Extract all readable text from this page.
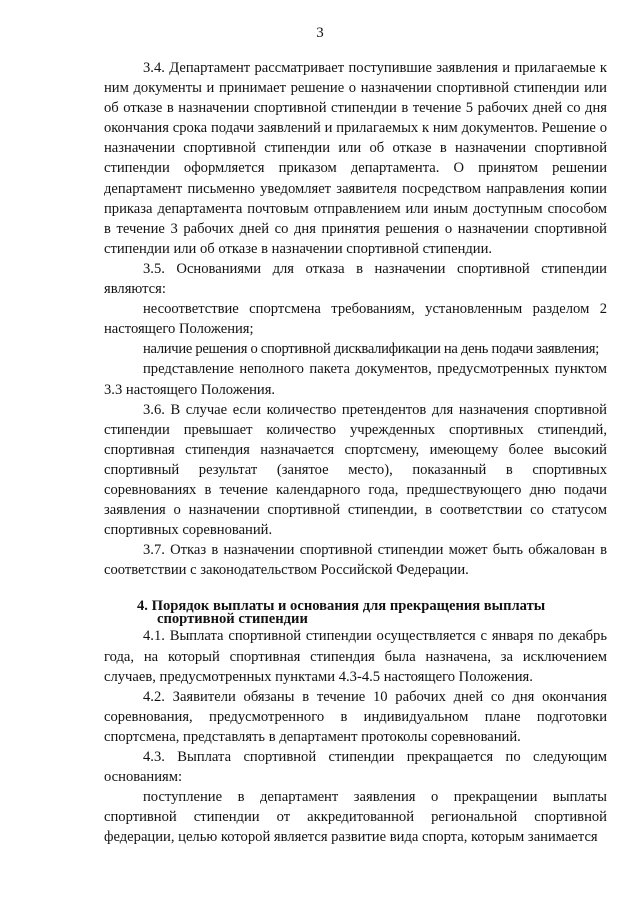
3

3.4. Департамент рассматривает поступившие заявления и прилагаемые к ним документы и принимает решение о назначении спортивной стипендии или об отказе в назначении спортивной стипендии в течение 5 рабочих дней со дня окончания срока подачи заявлений и прилагаемых к ним документов. Решение о назначении спортивной стипендии или об отказе в назначении спортивной стипендии оформляется приказом департамента. О принятом решении департамент письменно уведомляет заявителя посредством направления копии приказа департамента почтовым отправлением или иным доступным способом в течение 3 рабочих дней со дня принятия решения о назначении спортивной стипендии или об отказе в назначении спортивной стипендии.

3.5. Основаниями для отказа в назначении спортивной стипендии являются:

несоответствие спортсмена требованиям, установленным разделом 2 настоящего Положения;

наличие решения о спортивной дисквалификации на день подачи заявления;

представление неполного пакета документов, предусмотренных пунктом 3.3 настоящего Положения.

3.6. В случае если количество претендентов для назначения спортивной стипендии превышает количество учрежденных спортивных стипендий, спортивная стипендия назначается спортсмену, имеющему более высокий спортивный результат (занятое место), показанный в спортивных соревнованиях в течение календарного года, предшествующего дню подачи заявления о назначении спортивной стипендии, в соответствии со статусом спортивных соревнований.

3.7. Отказ в назначении спортивной стипендии может быть обжалован в соответствии с законодательством Российской Федерации.

4. Порядок выплаты и основания для прекращения выплаты
спортивной стипендии

4.1. Выплата спортивной стипендии осуществляется с января по декабрь года, на который спортивная стипендия была назначена, за исключением случаев, предусмотренных пунктами 4.3-4.5 настоящего Положения.

4.2. Заявители обязаны в течение 10 рабочих дней со дня окончания соревнования, предусмотренного в индивидуальном плане подготовки спортсмена, представлять в департамент протоколы соревнований.

4.3. Выплата спортивной стипендии прекращается по следующим основаниям:

поступление в департамент заявления о прекращении выплаты спортивной стипендии от аккредитованной региональной спортивной федерации, целью которой является развитие вида спорта, которым занимается
